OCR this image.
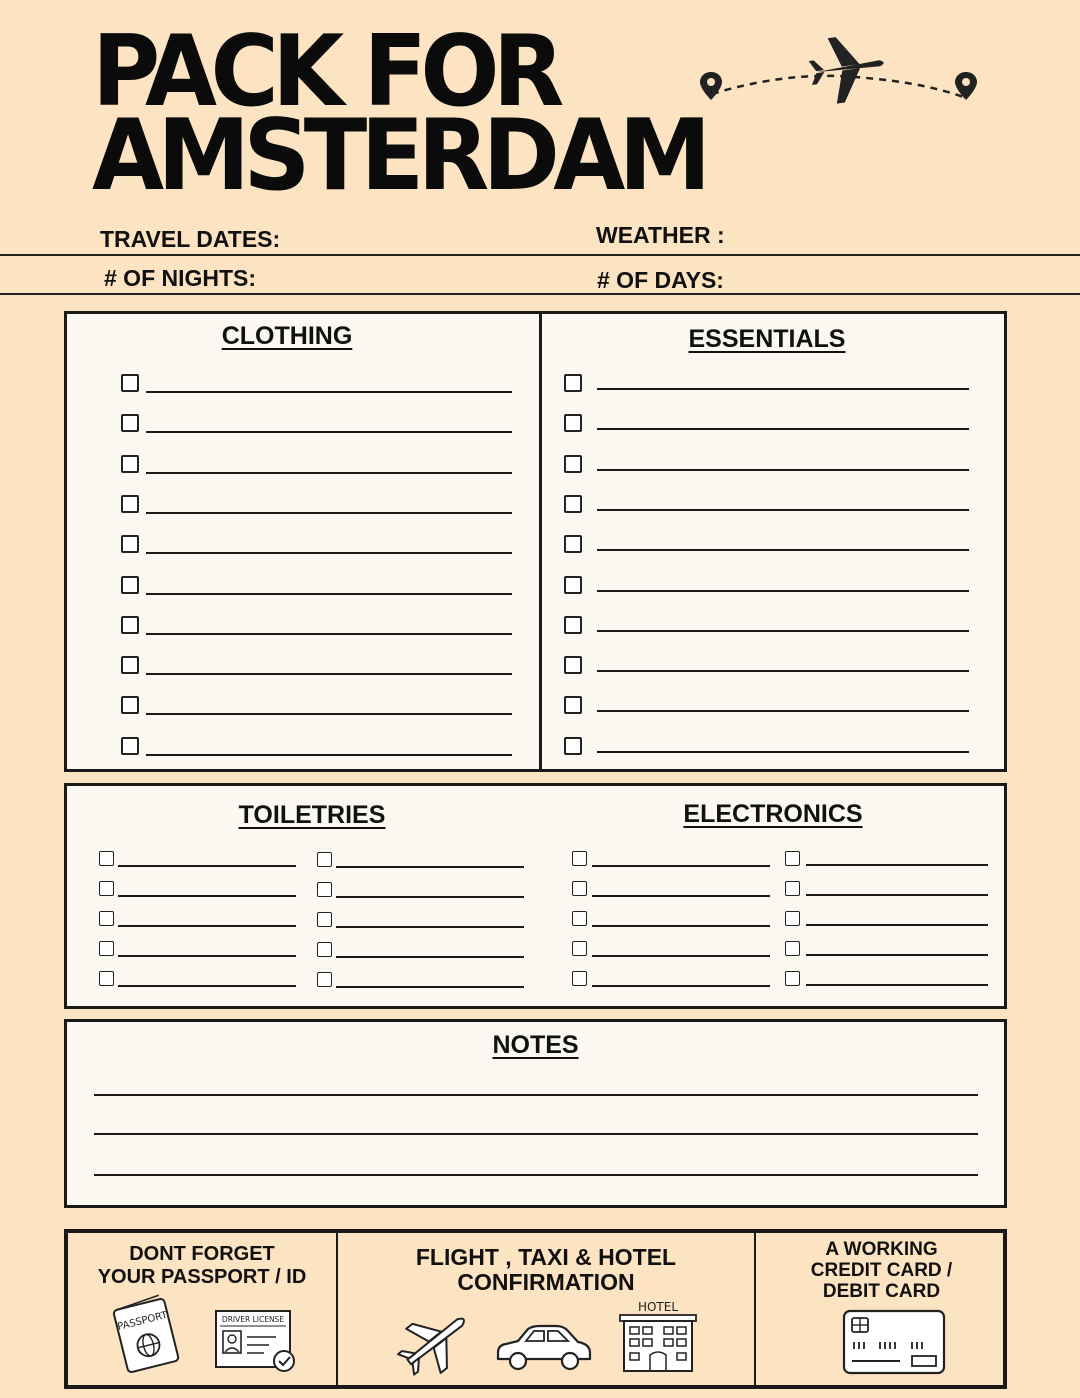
PACK FOR
AMSTERDAM
TRAVEL DATES:	WEATHER :
# OF NIGHTS:	# OF DAYS:
CLOTHING	ESSENTIALS
TOILETRIES	ELECTRONICS
NOTES
DONT FORGET
YOUR PASSPORT / ID
PASSPORT	DRIVER LICENSE
FLIGHT , TAXI & HOTEL
CONFIRMATION
HOTEL
A WORKING
CREDIT CARD /
DEBIT CARD
